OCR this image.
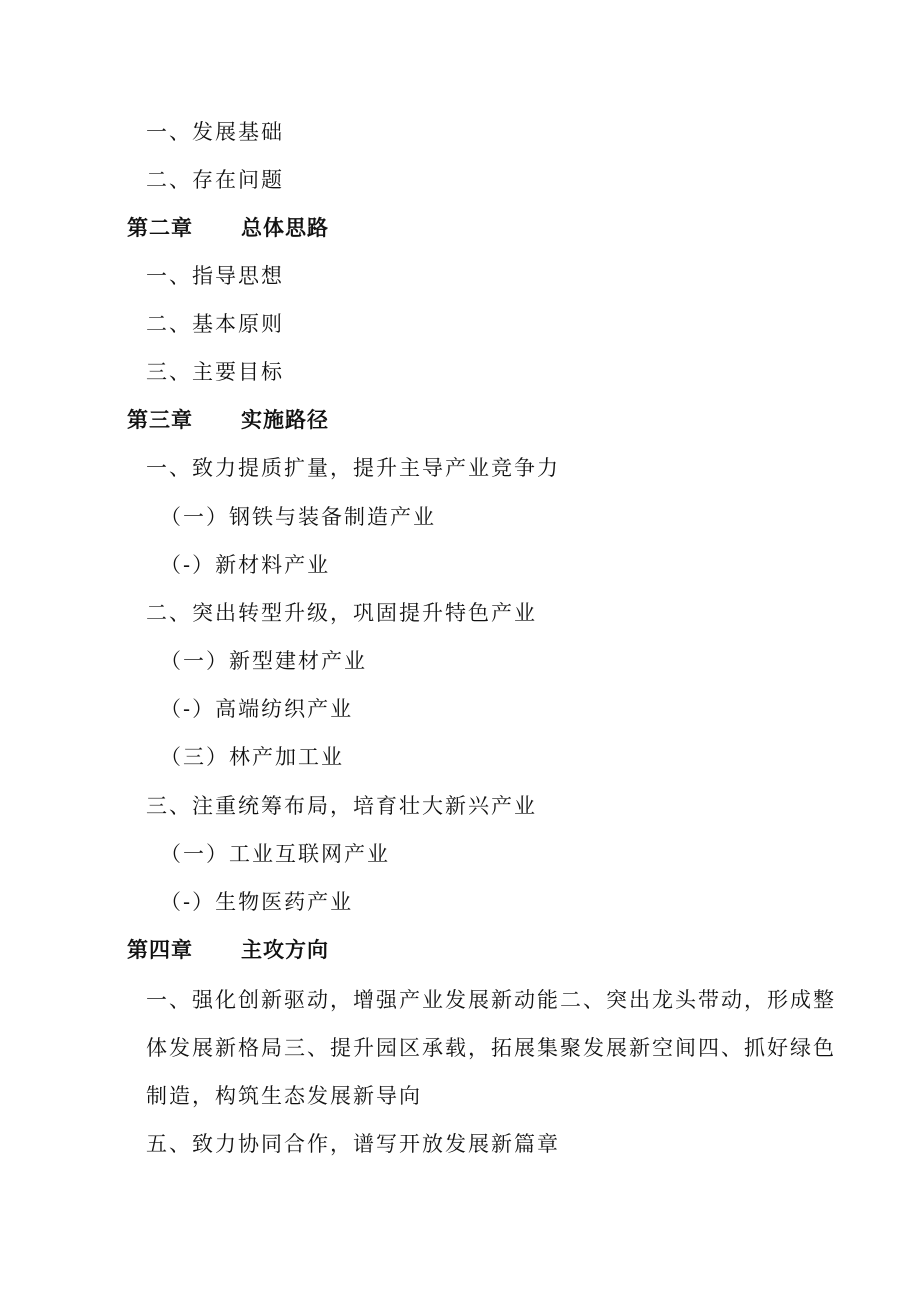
一、发展基础
二、存在问题
第二章 总体思路
一、指导思想
二、基本原则
三、主要目标
第三章 实施路径
一、致力提质扩量，提升主导产业竞争力
（一）钢铁与装备制造产业
（-）新材料产业
二、突出转型升级，巩固提升特色产业
（一）新型建材产业
（-）高端纺织产业
（三）林产加工业
三、注重统筹布局，培育壮大新兴产业
（一）工业互联网产业
（-）生物医药产业
第四章 主攻方向
一、强化创新驱动，增强产业发展新动能二、突出龙头带动，形成整体发展新格局三、提升园区承载，拓展集聚发展新空间四、抓好绿色制造，构筑生态发展新导向
五、致力协同合作，谱写开放发展新篇章
